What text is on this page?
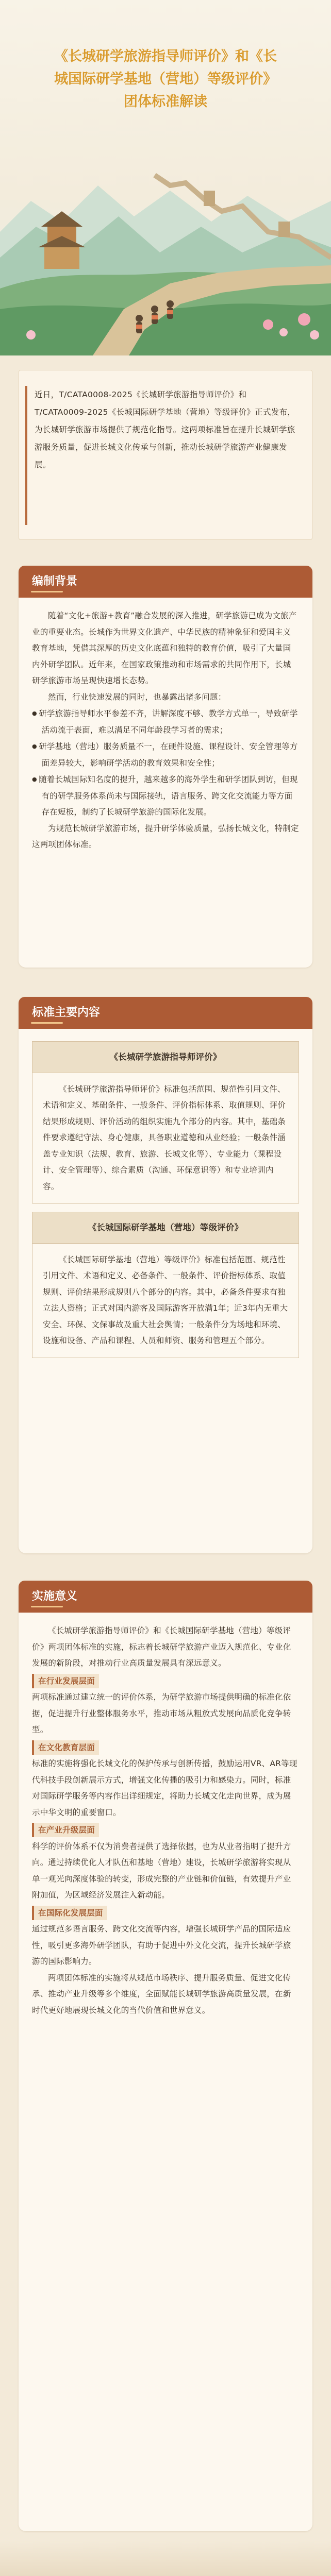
《长城研学旅游指导师评价》和《长
城国际研学基地（营地）等级评价》
团体标准解读

近日，T/CATA0008-2025《长城研学旅游指导师评价》和T/CATA0009-2025《长城国际研学基地（营地）等级评价》正式发布，为长城研学旅游市场提供了规范化指导。这两项标准旨在提升长城研学旅游服务质量，促进长城文化传承与创新，推动长城研学旅游产业健康发展。

编制背景

随着“文化+旅游+教育”融合发展的深入推进，研学旅游已成为文旅产业的重要业态。长城作为世界文化遗产、中华民族的精神象征和爱国主义教育基地，凭借其深厚的历史文化底蕴和独特的教育价值，吸引了大量国内外研学团队。近年来，在国家政策推动和市场需求的共同作用下，长城研学旅游市场呈现快速增长态势。

然而，行业快速发展的同时，也暴露出诸多问题：

● 研学旅游指导师水平参差不齐，讲解深度不够、教学方式单一，导致研学活动流于表面，难以满足不同年龄段学习者的需求；

● 研学基地（营地）服务质量不一，在硬件设施、课程设计、安全管理等方面差异较大，影响研学活动的教育效果和安全性；

● 随着长城国际知名度的提升，越来越多的海外学生和研学团队到访，但现有的研学服务体系尚未与国际接轨，语言服务、跨文化交流能力等方面存在短板，制约了长城研学旅游的国际化发展。

为规范长城研学旅游市场，提升研学体验质量，弘扬长城文化，特制定这两项团体标准。

标准主要内容
《长城研学旅游指导师评价》
《长城研学旅游指导师评价》标准包括范围、规范性引用文件、术语和定义、基础条件、一般条件、评价指标体系、取值规则、评价结果形成规则、评价活动的组织实施九个部分的内容。其中，基础条件要求遵纪守法、身心健康，具备职业道德和从业经验；一般条件涵盖专业知识（法规、教育、旅游、长城文化等）、专业能力（课程设计、安全管理等）、综合素质（沟通、环保意识等）和专业培训内容。
《长城国际研学基地（营地）等级评价》
《长城国际研学基地（营地）等级评价》标准包括范围、规范性引用文件、术语和定义、必备条件、一般条件、评价指标体系、取值规则、评价结果形成规则八个部分的内容。其中，必备条件要求有独立法人资格；正式对国内游客及国际游客开放满1年；近3年内无重大安全、环保、文保事故及重大社会舆情；一般条件分为场地和环境、设施和设备、产品和课程、人员和师资、服务和管理五个部分。
实施意义

《长城研学旅游指导师评价》和《长城国际研学基地（营地）等级评价》两项团体标准的实施，标志着长城研学旅游产业迈入规范化、专业化发展的新阶段，对推动行业高质量发展具有深远意义。

在行业发展层面

两项标准通过建立统一的评价体系，为研学旅游市场提供明确的标准化依据，促进提升行业整体服务水平，推动市场从粗放式发展向品质化竞争转型。

在文化教育层面

标准的实施将强化长城文化的保护传承与创新传播，鼓励运用VR、AR等现代科技手段创新展示方式，增强文化传播的吸引力和感染力。同时，标准对国际研学服务等内容作出详细规定，将助力长城文化走向世界，成为展示中华文明的重要窗口。

在产业升级层面

科学的评价体系不仅为消费者提供了选择依据，也为从业者指明了提升方向。通过持续优化人才队伍和基地（营地）建设，长城研学旅游将实现从单一观光向深度体验的转变，形成完整的产业链和价值链，有效提升产业附加值，为区域经济发展注入新动能。

在国际化发展层面

通过规范多语言服务、跨文化交流等内容，增强长城研学产品的国际适应性，吸引更多海外研学团队，有助于促进中外文化交流，提升长城研学旅游的国际影响力。

两项团体标准的实施将从规范市场秩序、提升服务质量、促进文化传承、推动产业升级等多个维度，全面赋能长城研学旅游高质量发展，在新时代更好地展现长城文化的当代价值和世界意义。
